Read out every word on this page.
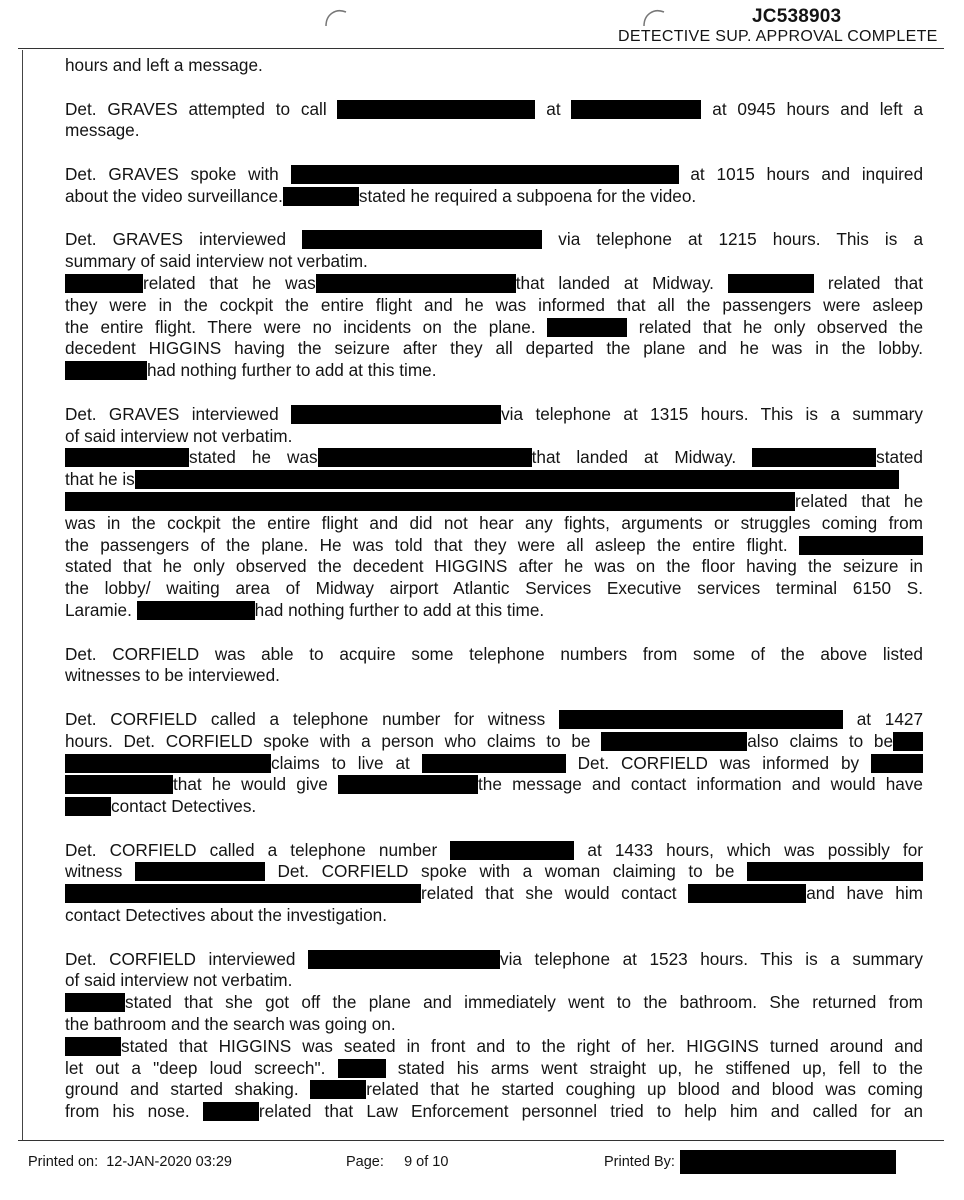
JC538903
DETECTIVE SUP. APPROVAL COMPLETE

hours and left a message.

Det. GRAVES attempted to call	at	at 0945 hours and left a
message.

Det. GRAVES spoke with	at 1015 hours and inquired
about the video surveillance.	stated he required a subpoena for the video.

Det. GRAVES interviewed	via telephone at 1215 hours. This is a
summary of said interview not verbatim.
related that he was	that landed at Midway.	related that
they were in the cockpit the entire flight and he was informed that all the passengers were asleep
the entire flight. There were no incidents on the plane.	related that he only observed the
decedent HIGGINS having the seizure after they all departed the plane and he was in the lobby.
had nothing further to add at this time.

Det. GRAVES interviewed	via telephone at 1315 hours. This is a summary
of said interview not verbatim.
stated he was	that landed at Midway.	stated
that he is
related that he
was in the cockpit the entire flight and did not hear any fights, arguments or struggles coming from
the passengers of the plane. He was told that they were all asleep the entire flight.
stated that he only observed the decedent HIGGINS after he was on the floor having the seizure in
the lobby/ waiting area of Midway airport Atlantic Services Executive services terminal 6150 S.
Laramie.	had nothing further to add at this time.

Det. CORFIELD was able to acquire some telephone numbers from some of the above listed
witnesses to be interviewed.

Det. CORFIELD called a telephone number for witness	at 1427
hours. Det. CORFIELD spoke with a person who claims to be	also claims to be
claims to live at	Det. CORFIELD was informed by
that he would give	the message and contact information and would have
contact Detectives.

Det. CORFIELD called a telephone number	at 1433 hours, which was possibly for
witness	Det. CORFIELD spoke with a woman claiming to be
related that she would contact	and have him
contact Detectives about the investigation.

Det. CORFIELD interviewed	via telephone at 1523 hours. This is a summary
of said interview not verbatim.
stated that she got off the plane and immediately went to the bathroom. She returned from
the bathroom and the search was going on.
stated that HIGGINS was seated in front and to the right of her. HIGGINS turned around and
let out a "deep loud screech".	stated his arms went straight up, he stiffened up, fell to the
ground and started shaking.	related that he started coughing up blood and blood was coming
from his nose.	related that Law Enforcement personnel tried to help him and called for an

Printed on: 12-JAN-2020 03:29	Page: 9 of 10	Printed By:
